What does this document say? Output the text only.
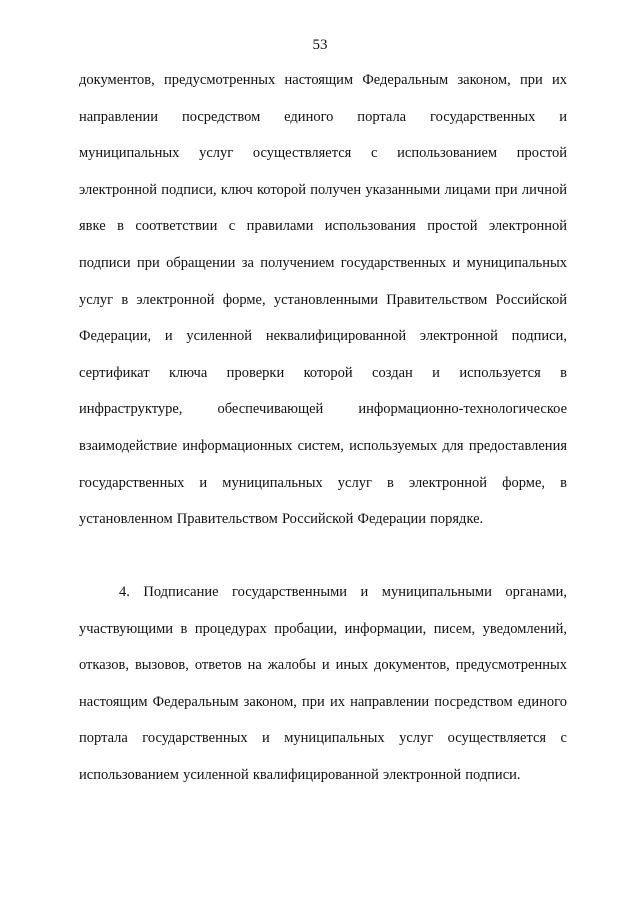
53

документов, предусмотренных настоящим Федеральным законом, при их направлении посредством единого портала государственных и муниципальных услуг осуществляется с использованием простой электронной подписи, ключ которой получен указанными лицами при личной явке в соответствии с правилами использования простой электронной подписи при обращении за получением государственных и муниципальных услуг в электронной форме, установленными Правительством Российской Федерации, и усиленной неквалифицированной электронной подписи, сертификат ключа проверки которой создан и используется в инфраструктуре, обеспечивающей информационно-технологическое взаимодействие информационных систем, используемых для предоставления государственных и муниципальных услуг в электронной форме, в установленном Правительством Российской Федерации порядке.

4. Подписание государственными и муниципальными органами, участвующими в процедурах пробации, информации, писем, уведомлений, отказов, вызовов, ответов на жалобы и иных документов, предусмотренных настоящим Федеральным законом, при их направлении посредством единого портала государственных и муниципальных услуг осуществляется с использованием усиленной квалифицированной электронной подписи.
